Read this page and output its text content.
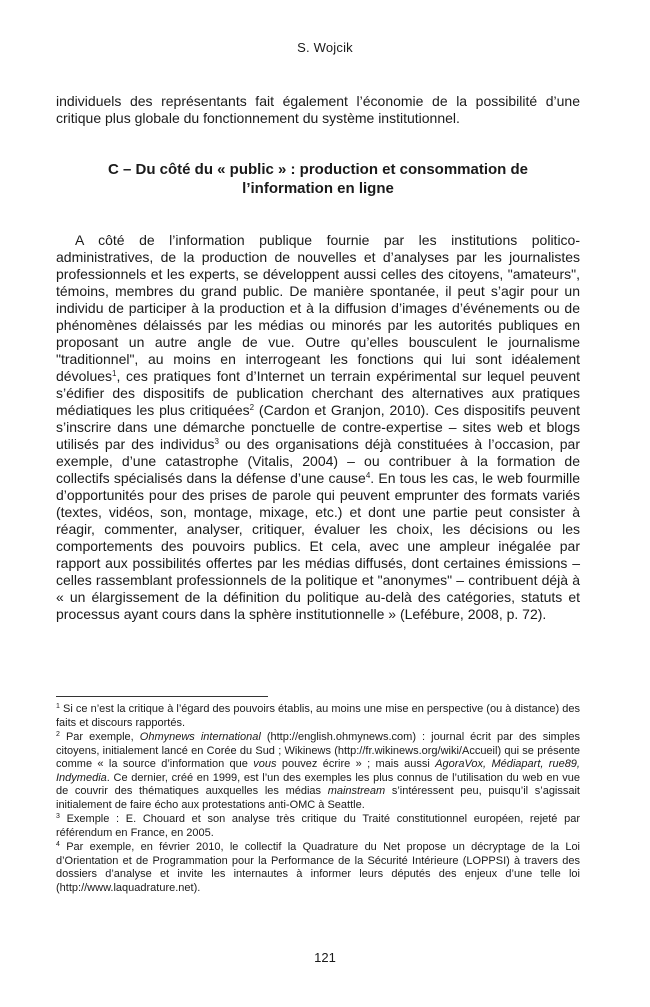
S. Wojcik

individuels des représentants fait également l’économie de la possibilité d’une critique plus globale du fonctionnement du système institutionnel.

C – Du côté du « public » : production et consommation de
l’information en ligne

A côté de l’information publique fournie par les institutions politico-administratives, de la production de nouvelles et d’analyses par les journalistes professionnels et les experts, se développent aussi celles des citoyens, "amateurs", témoins, membres du grand public. De manière spontanée, il peut s’agir pour un individu de participer à la production et à la diffusion d’images d’événements ou de phénomènes délaissés par les médias ou minorés par les autorités publiques en proposant un autre angle de vue. Outre qu’elles bousculent le journalisme "traditionnel", au moins en interrogeant les fonctions qui lui sont idéalement dévolues$^1$, ces pratiques font d’Internet un terrain expérimental sur lequel peuvent s’édifier des dispositifs de publication cherchant des alternatives aux pratiques médiatiques les plus critiquées$^2$ (Cardon et Granjon, 2010). Ces dispositifs peuvent s’inscrire dans une démarche ponctuelle de contre-expertise – sites web et blogs utilisés par des individus$^3$ ou des organisations déjà constituées à l’occasion, par exemple, d’une catastrophe (Vitalis, 2004) – ou contribuer à la formation de collectifs spécialisés dans la défense d’une cause$^4$. En tous les cas, le web fourmille d’opportunités pour des prises de parole qui peuvent emprunter des formats variés (textes, vidéos, son, montage, mixage, etc.) et dont une partie peut consister à réagir, commenter, analyser, critiquer, évaluer les choix, les décisions ou les comportements des pouvoirs publics. Et cela, avec une ampleur inégalée par rapport aux possibilités offertes par les médias diffusés, dont certaines émissions – celles rassemblant professionnels de la politique et "anonymes" – contribuent déjà à « un élargissement de la définition du politique au-delà des catégories, statuts et processus ayant cours dans la sphère institutionnelle » (Lefébure, 2008, p. 72).

$^1$ Si ce n’est la critique à l’égard des pouvoirs établis, au moins une mise en perspective (ou à distance) des faits et discours rapportés.

$^2$ Par exemple, Ohmynews international (http://english.ohmynews.com) : journal écrit par des simples citoyens, initialement lancé en Corée du Sud ; Wikinews (http://fr.wikinews.org/wiki/Accueil) qui se présente comme « la source d’information que vous pouvez écrire » ; mais aussi AgoraVox, Médiapart, rue89, Indymedia. Ce dernier, créé en 1999, est l’un des exemples les plus connus de l’utilisation du web en vue de couvrir des thématiques auxquelles les médias mainstream s’intéressent peu, puisqu’il s’agissait initialement de faire écho aux protestations anti-OMC à Seattle.

$^3$ Exemple : E. Chouard et son analyse très critique du Traité constitutionnel européen, rejeté par référendum en France, en 2005.

$^4$ Par exemple, en février 2010, le collectif la Quadrature du Net propose un décryptage de la Loi d’Orientation et de Programmation pour la Performance de la Sécurité Intérieure (LOPPSI) à travers des dossiers d’analyse et invite les internautes à informer leurs députés des enjeux d’une telle loi (http://www.laquadrature.net).

121
